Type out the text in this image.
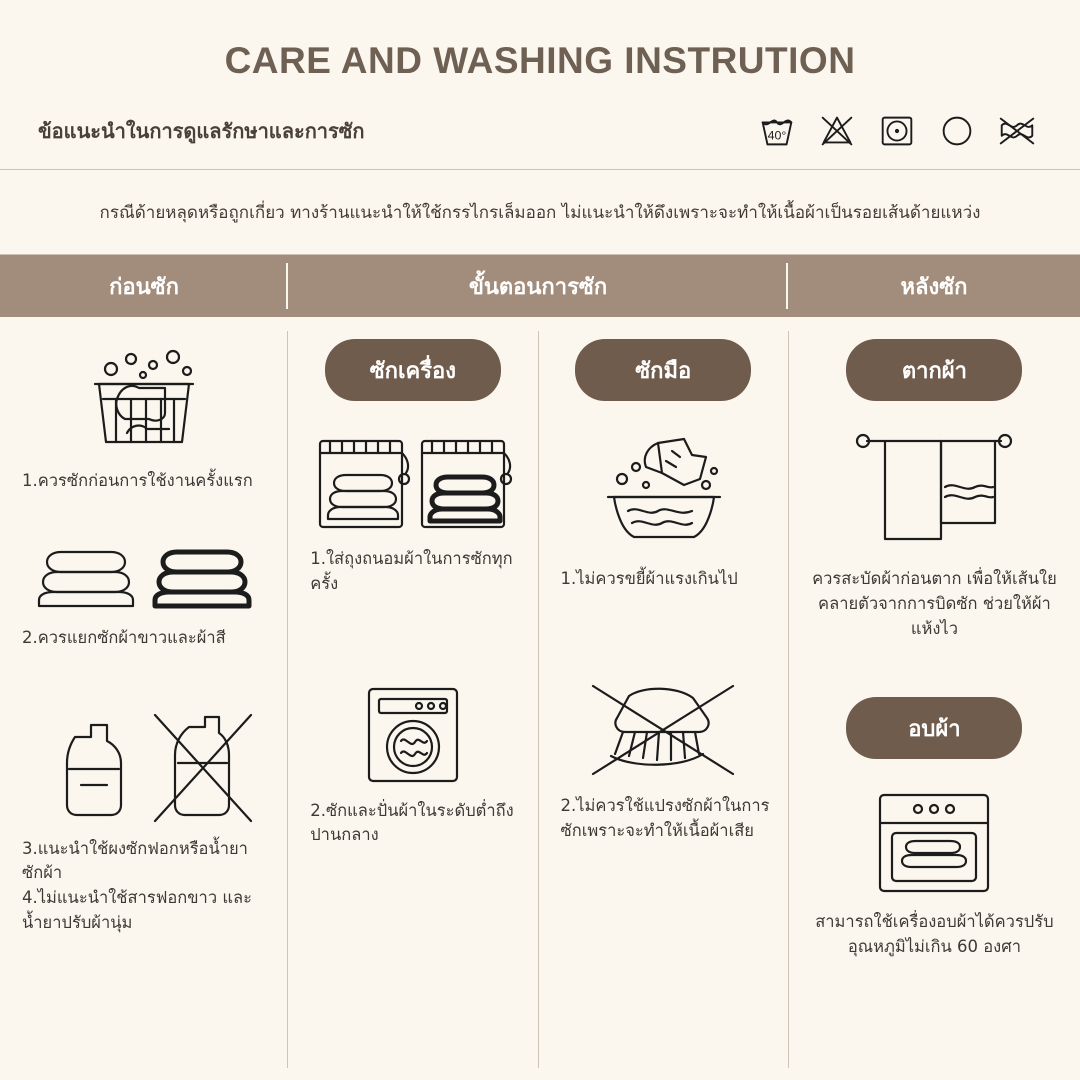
CARE AND WASHING INSTRUTION
ข้อแนะนำในการดูแลรักษาและการซัก	40°
กรณีด้ายหลุดหรือถูกเกี่ยว ทางร้านแนะนำให้ใช้กรรไกรเล็มออก ไม่แนะนำให้ดึงเพราะจะทำให้เนื้อผ้าเป็นรอยเส้นด้ายแหว่ง
ก่อนซัก	ขั้นตอนการซัก	หลังซัก
1.ควรซักก่อนการใช้งานครั้งแรก
2.ควรแยกซักผ้าขาวและผ้าสี
3.แนะนำใช้ผงซักฟอกหรือน้ำยา
ซักผ้า
4.ไม่แนะนำใช้สารฟอกขาว และ
น้ำยาปรับผ้านุ่ม
ซักเครื่อง
1.ใส่ถุงถนอมผ้าในการซักทุกครั้ง
2.ซักและปั่นผ้าในระดับต่ำถึงปานกลาง
ซักมือ
1.ไม่ควรขยี้ผ้าแรงเกินไป
2.ไม่ควรใช้แปรงซักผ้าในการซักเพราะจะทำให้เนื้อผ้าเสีย
ตากผ้า
ควรสะบัดผ้าก่อนตาก เพื่อให้เส้นใยคลายตัวจากการบิดซัก ช่วยให้ผ้าแห้งไว
อบผ้า
สามารถใช้เครื่องอบผ้าได้ควรปรับอุณหภูมิไม่เกิน 60 องศา
